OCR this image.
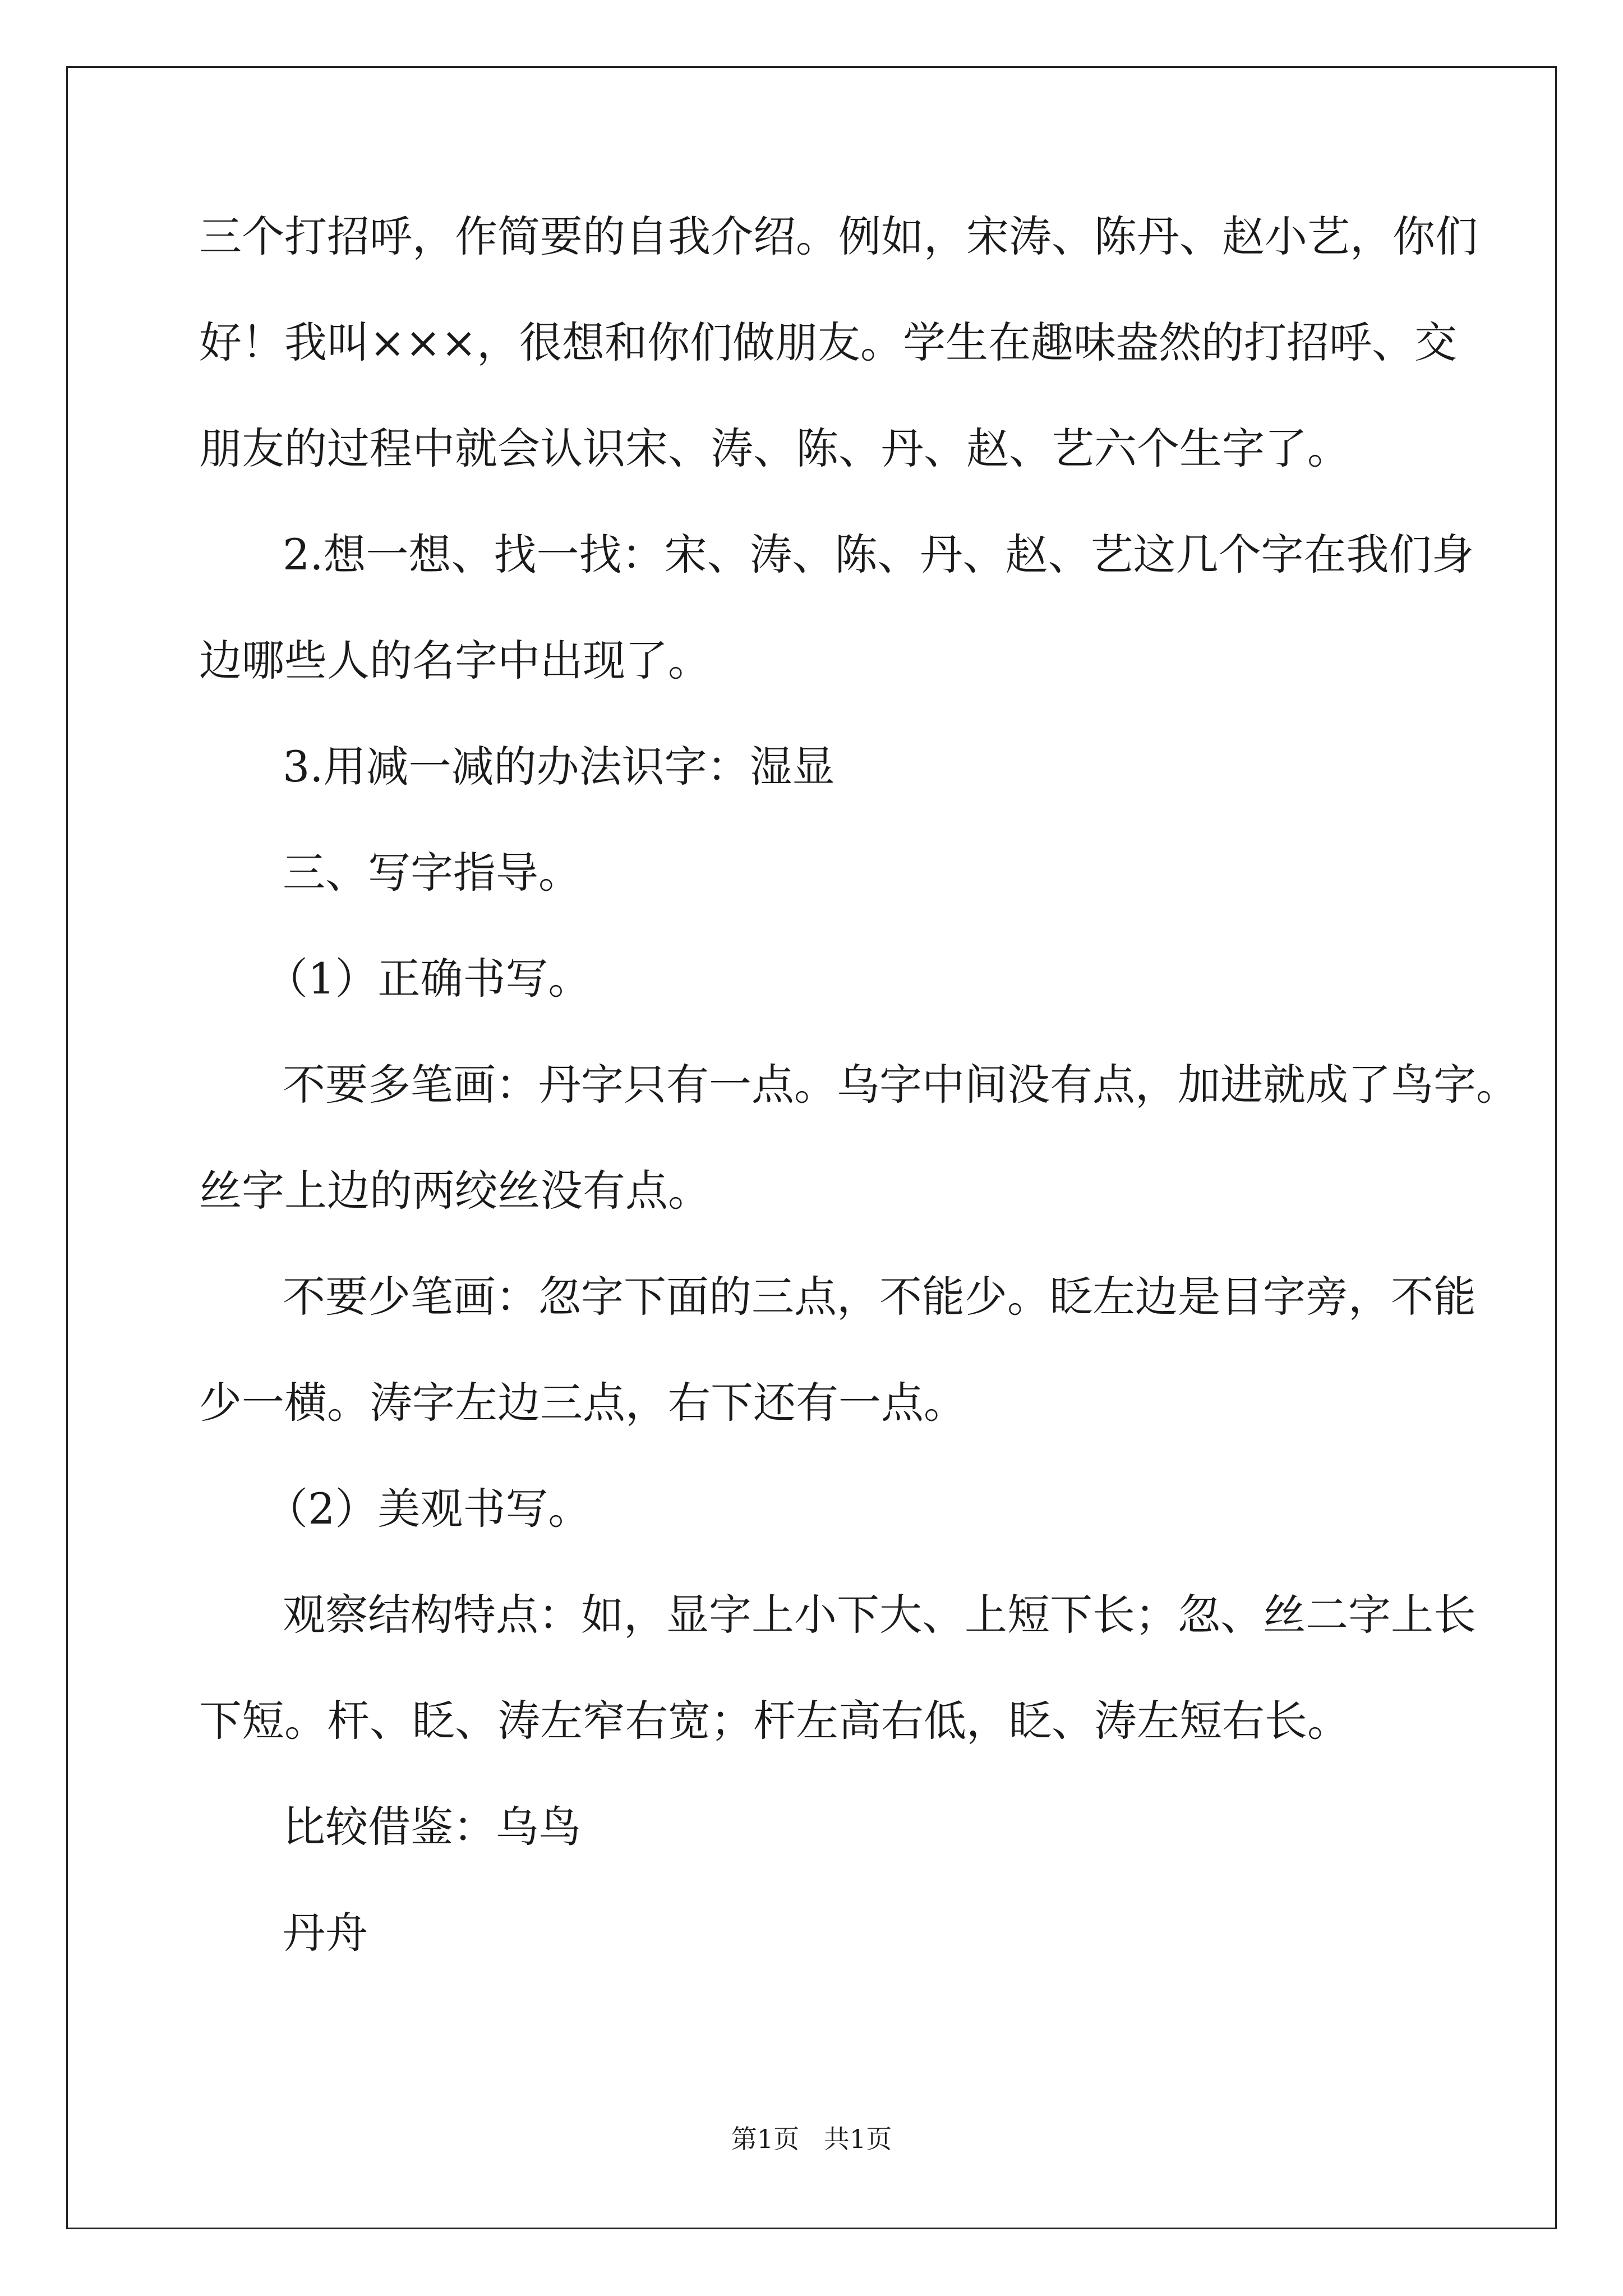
三个打招呼，作简要的自我介绍。例如，宋涛、陈丹、赵小艺，你们
好！我叫×××，很想和你们做朋友。学生在趣味盎然的打招呼、交
朋友的过程中就会认识宋、涛、陈、丹、赵、艺六个生字了。
2.想一想、找一找：宋、涛、陈、丹、赵、艺这几个字在我们身
边哪些人的名字中出现了。
3.用减一减的办法识字：湿显
三、写字指导。
（1）正确书写。
不要多笔画：丹字只有一点。乌字中间没有点，加进就成了鸟字。
丝字上边的两绞丝没有点。
不要少笔画：忽字下面的三点，不能少。眨左边是目字旁，不能
少一横。涛字左边三点，右下还有一点。
（2）美观书写。
观察结构特点：如，显字上小下大、上短下长；忽、丝二字上长
下短。杆、眨、涛左窄右宽；杆左高右低，眨、涛左短右长。
比较借鉴：乌鸟
丹舟
第1页   共1页
